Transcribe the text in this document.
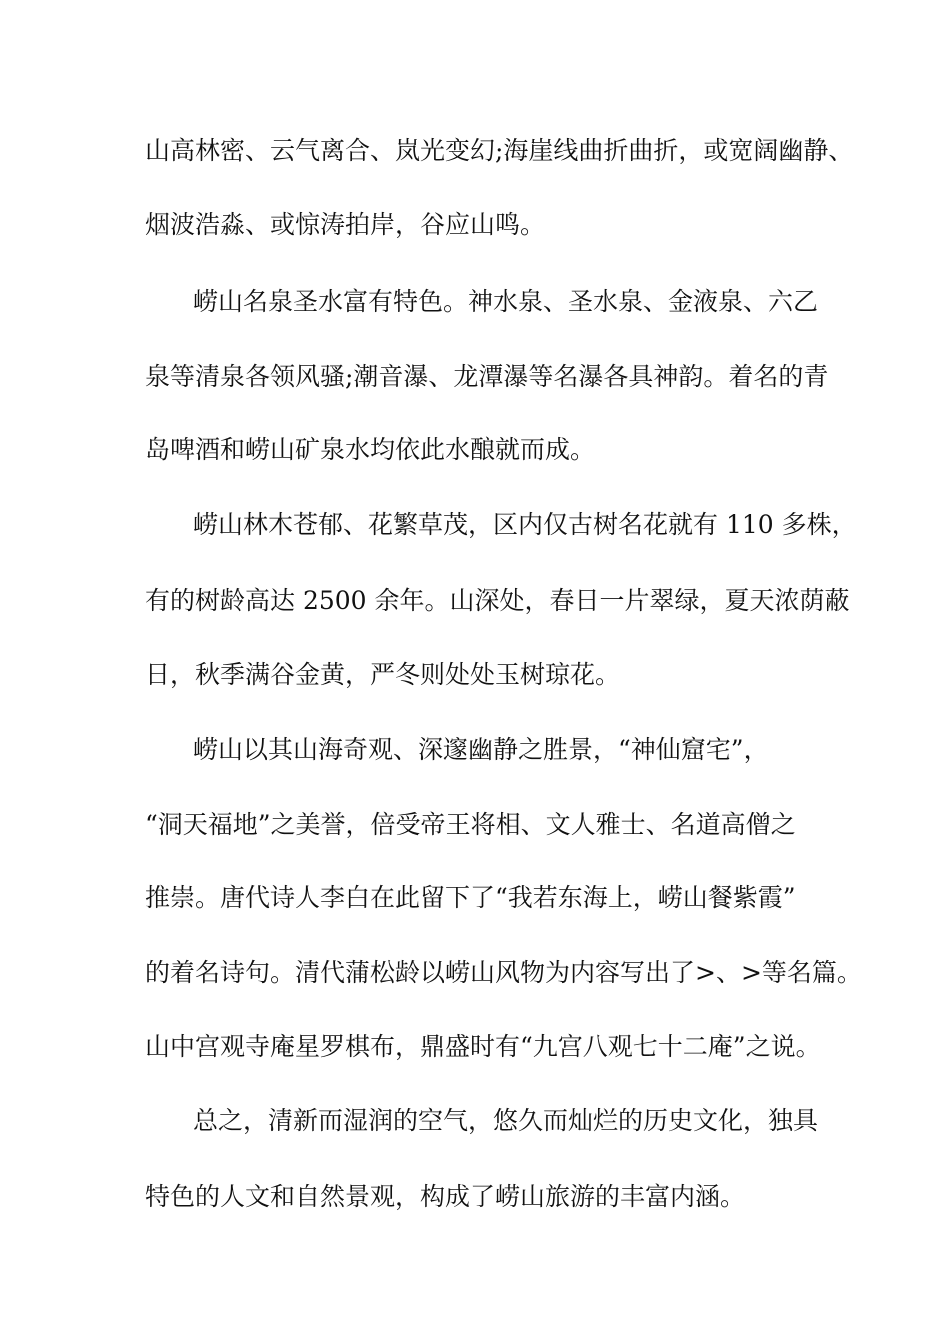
山高林密、云气离合、岚光变幻;海崖线曲折曲折，或宽阔幽静、
烟波浩淼、或惊涛拍岸，谷应山鸣。
崂山名泉圣水富有特色。神水泉、圣水泉、金液泉、六乙
泉等清泉各领风骚;潮音瀑、龙潭瀑等名瀑各具神韵。着名的青
岛啤酒和崂山矿泉水均依此水酿就而成。
崂山林木苍郁、花繁草茂，区内仅古树名花就有 110 多株，
有的树龄高达 2500 余年。山深处，春日一片翠绿，夏天浓荫蔽
日，秋季满谷金黄，严冬则处处玉树琼花。
崂山以其山海奇观、深邃幽静之胜景，“神仙窟宅”，
“洞天福地”之美誉，倍受帝王将相、文人雅士、名道高僧之
推崇。唐代诗人李白在此留下了“我若东海上，崂山餐紫霞”
的着名诗句。清代蒲松龄以崂山风物为内容写出了>、>等名篇。
山中宫观寺庵星罗棋布，鼎盛时有“九宫八观七十二庵”之说。
总之，清新而湿润的空气，悠久而灿烂的历史文化，独具
特色的人文和自然景观，构成了崂山旅游的丰富内涵。
